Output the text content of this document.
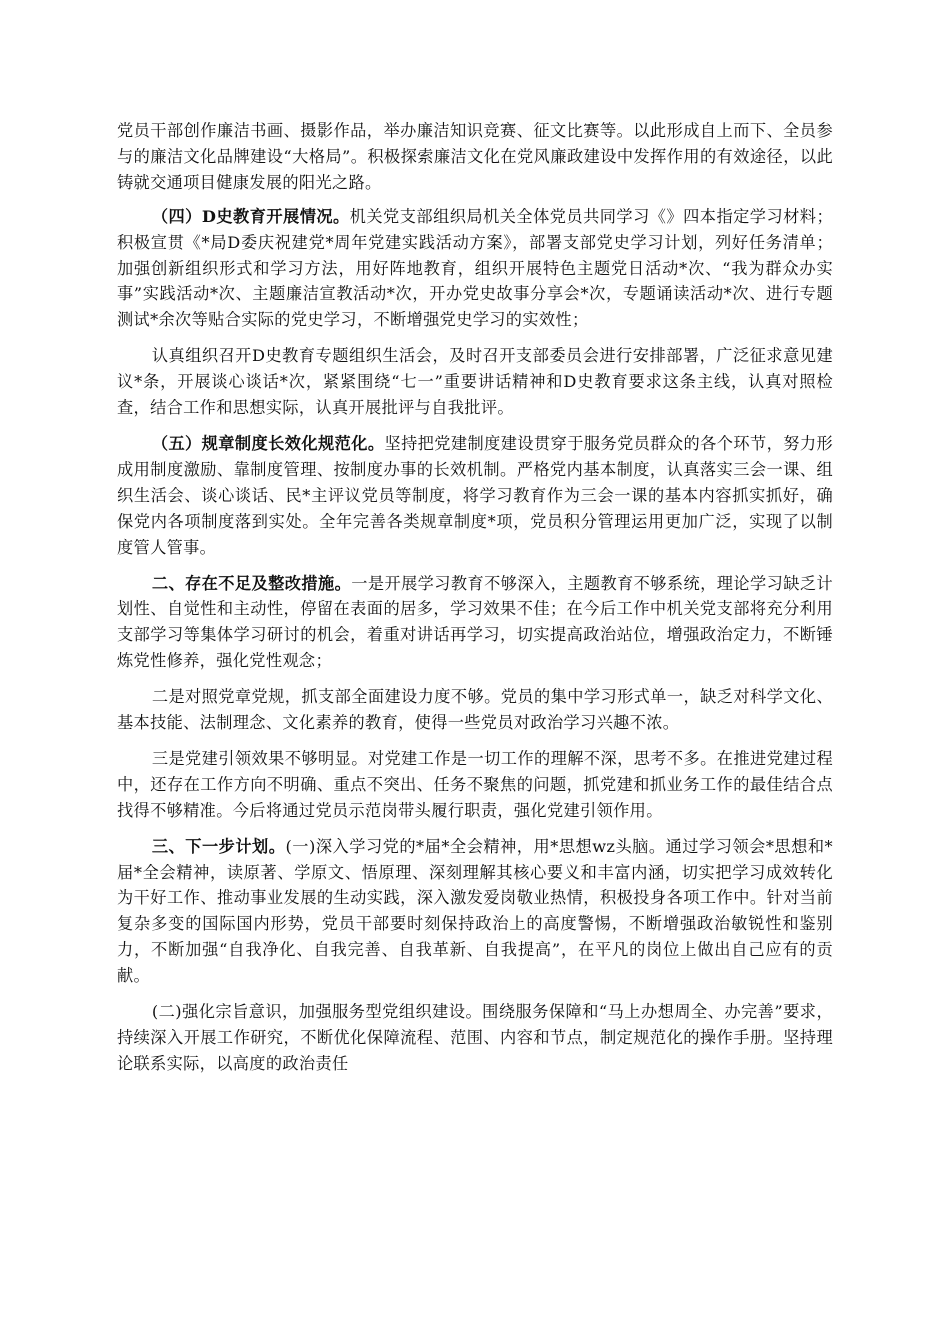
党员干部创作廉洁书画、摄影作品，举办廉洁知识竞赛、征文比赛等。以此形成自上而下、全员参与的廉洁文化品牌建设“大格局”。积极探索廉洁文化在党风廉政建设中发挥作用的有效途径，以此铸就交通项目健康发展的阳光之路。

（四）D史教育开展情况。机关党支部组织局机关全体党员共同学习《》四本指定学习材料；积极宣贯《*局D委庆祝建党*周年党建实践活动方案》，部署支部党史学习计划，列好任务清单；加强创新组织形式和学习方法，用好阵地教育，组织开展特色主题党日活动*次、“我为群众办实事”实践活动*次、主题廉洁宣教活动*次，开办党史故事分享会*次，专题诵读活动*次、进行专题测试*余次等贴合实际的党史学习，不断增强党史学习的实效性；

认真组织召开D史教育专题组织生活会，及时召开支部委员会进行安排部署，广泛征求意见建议*条，开展谈心谈话*次，紧紧围绕“七一”重要讲话精神和D史教育要求这条主线，认真对照检查，结合工作和思想实际，认真开展批评与自我批评。

（五）规章制度长效化规范化。坚持把党建制度建设贯穿于服务党员群众的各个环节，努力形成用制度激励、靠制度管理、按制度办事的长效机制。严格党内基本制度，认真落实三会一课、组织生活会、谈心谈话、民*主评议党员等制度，将学习教育作为三会一课的基本内容抓实抓好，确保党内各项制度落到实处。全年完善各类规章制度*项，党员积分管理运用更加广泛，实现了以制度管人管事。

二、存在不足及整改措施。一是开展学习教育不够深入，主题教育不够系统，理论学习缺乏计划性、自觉性和主动性，停留在表面的居多，学习效果不佳；在今后工作中机关党支部将充分利用支部学习等集体学习研讨的机会，着重对讲话再学习，切实提高政治站位，增强政治定力，不断锤炼党性修养，强化党性观念；

二是对照党章党规，抓支部全面建设力度不够。党员的集中学习形式单一，缺乏对科学文化、基本技能、法制理念、文化素养的教育，使得一些党员对政治学习兴趣不浓。

三是党建引领效果不够明显。对党建工作是一切工作的理解不深，思考不多。在推进党建过程中，还存在工作方向不明确、重点不突出、任务不聚焦的问题，抓党建和抓业务工作的最佳结合点找得不够精准。今后将通过党员示范岗带头履行职责，强化党建引领作用。

三、下一步计划。(一)深入学习党的*届*全会精神，用*思想wz头脑。通过学习领会*思想和*届*全会精神，读原著、学原文、悟原理、深刻理解其核心要义和丰富内涵，切实把学习成效转化为干好工作、推动事业发展的生动实践，深入激发爱岗敬业热情，积极投身各项工作中。针对当前复杂多变的国际国内形势，党员干部要时刻保持政治上的高度警惕，不断增强政治敏锐性和鉴别力，不断加强“自我净化、自我完善、自我革新、自我提高”，在平凡的岗位上做出自己应有的贡献。

(二)强化宗旨意识，加强服务型党组织建设。围绕服务保障和“马上办想周全、办完善”要求，持续深入开展工作研究，不断优化保障流程、范围、内容和节点，制定规范化的操作手册。坚持理论联系实际，以高度的政治责任
